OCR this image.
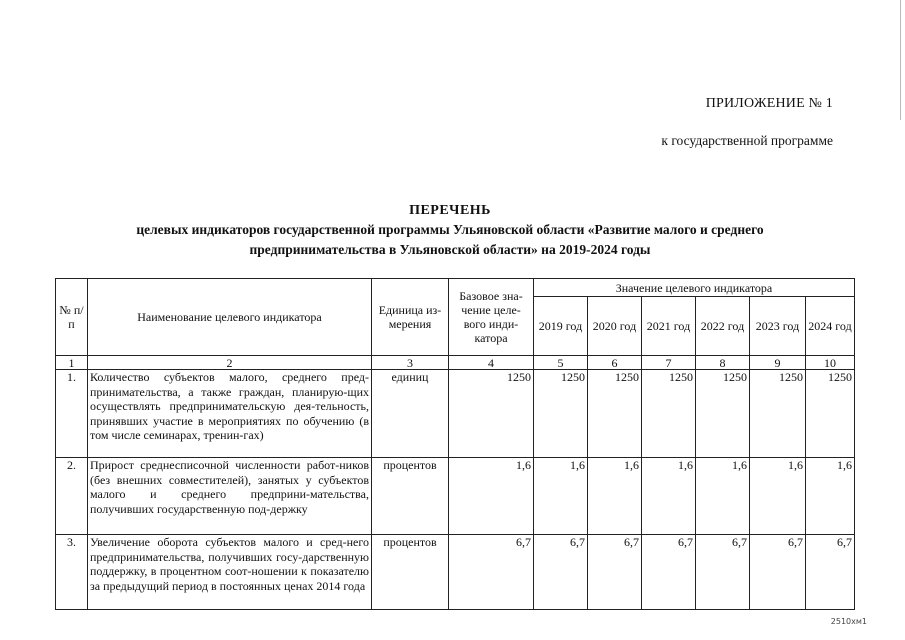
ПРИЛОЖЕНИЕ № 1
к государственной программе
ПЕРЕЧЕНЬ
целевых индикаторов государственной программы Ульяновской области «Развитие малого и среднего
предпринимательства в Ульяновской области» на 2019-2024 годы
№ п/п	Наименование целевого индикатора	Единица из-мерения	Базовое зна-чение целе-вого инди-катора	Значение целевого индикатора					
				2019 год	2020 год	2021 год	2022 год	2023 год	2024 год
1	2	3	4	5	6	7	8	9	10
1.	Количество субъектов малого, среднего пред-принимательства, а также граждан, планирую-щих осуществлять предпринимательскую дея-тельность, принявших участие в мероприятиях по обучению (в том числе семинарах, тренин-гах)	единиц	1250	1250	1250	1250	1250	1250	1250
2.	Прирост среднесписочной численности работ-ников (без внешних совместителей), занятых у субъектов малого и среднего предприни-мательства, получивших государственную под-держку	процентов	1,6	1,6	1,6	1,6	1,6	1,6	1,6
3.	Увеличение оборота субъектов малого и сред-него предпринимательства, получивших госу-дарственную поддержку, в процентном соот-ношении к показателю за предыдущий период в постоянных ценах 2014 года	процентов	6,7	6,7	6,7	6,7	6,7	6,7	6,7
2510хм1
